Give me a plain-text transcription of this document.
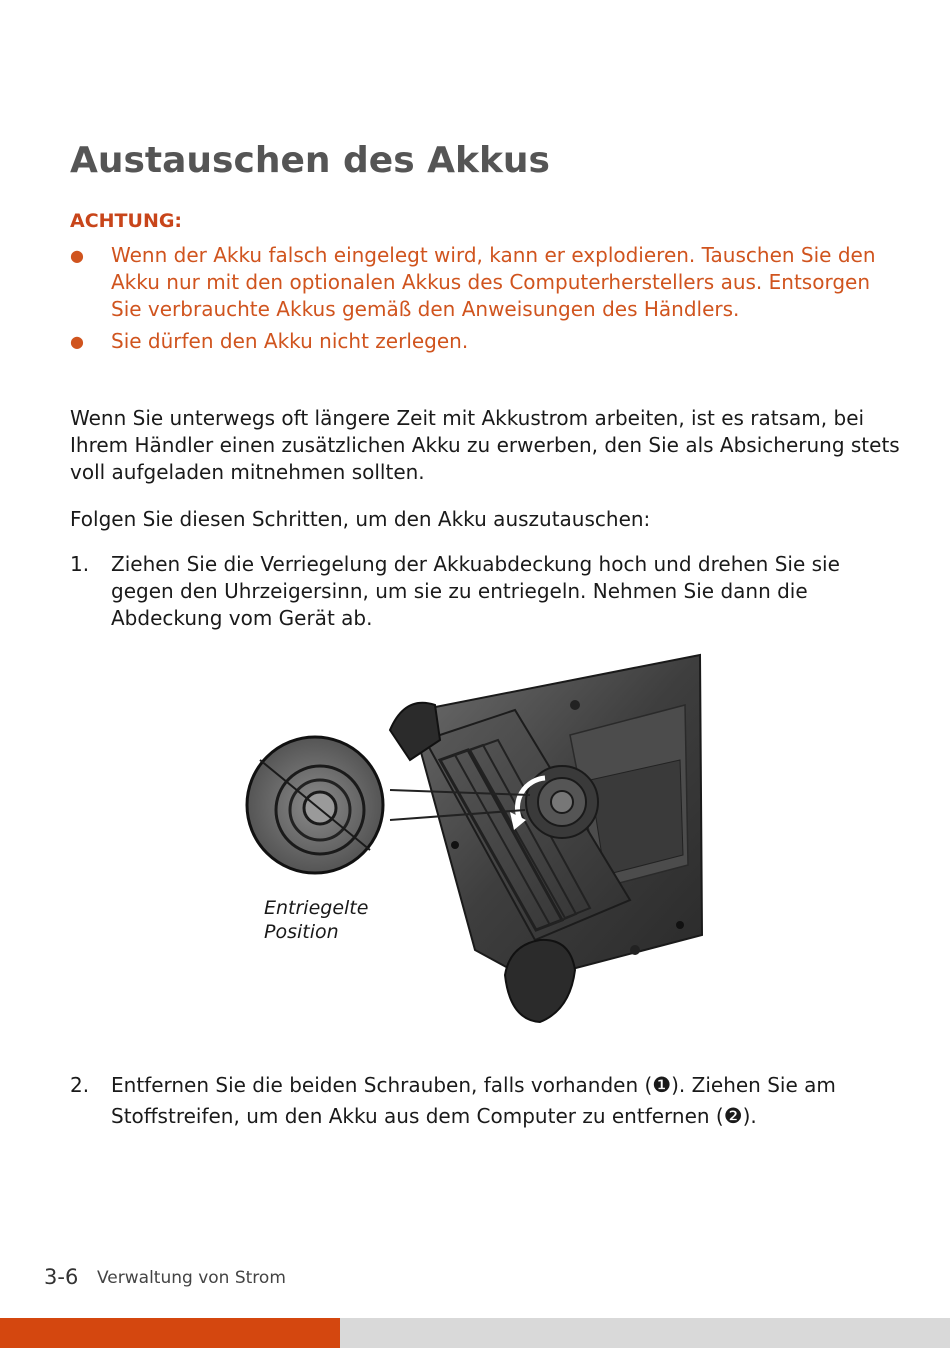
Austauschen des Akkus
ACHTUNG:
● Wenn der Akku falsch eingelegt wird, kann er explodieren. Tauschen Sie den Akku nur mit den optionalen Akkus des Computerherstellers aus. Entsorgen Sie verbrauchte Akkus gemäß den Anweisungen des Händlers.
● Sie dürfen den Akku nicht zerlegen.

Wenn Sie unterwegs oft längere Zeit mit Akkustrom arbeiten, ist es ratsam, bei Ihrem Händler einen zusätzlichen Akku zu erwerben, den Sie als Absicherung stets voll aufgeladen mitnehmen sollten.

Folgen Sie diesen Schritten, um den Akku auszutauschen:

1.	Ziehen Sie die Verriegelung der Akkuabdeckung hoch und drehen Sie sie gegen den Uhrzeigersinn, um sie zu entriegeln. Nehmen Sie dann die Abdeckung vom Gerät ab.
Entriegelte
Position
2.	Entfernen Sie die beiden Schrauben, falls vorhanden (❶). Ziehen Sie am Stoffstreifen, um den Akku aus dem Computer zu entfernen (❷).
3-6 Verwaltung von Strom
